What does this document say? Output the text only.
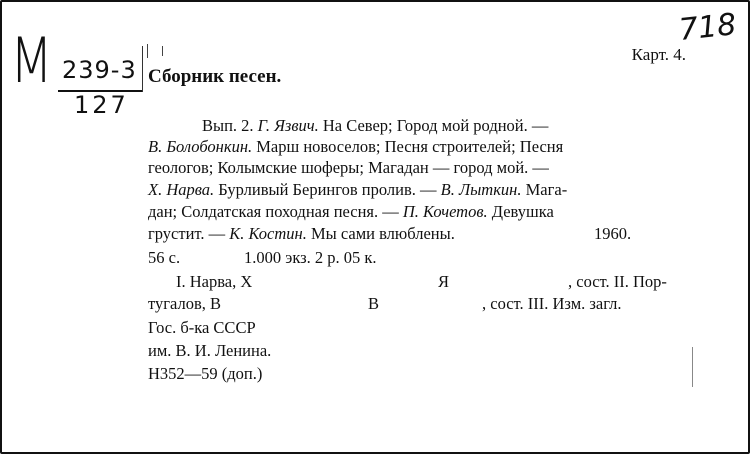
М 239-3
127
718
Карт. 4.
Сборник песен.
Вып. 2. Г. Язвич. На Север; Город мой родной. —
В. Болобонкин. Марш новоселов; Песня строителей; Песня
геологов; Колымские шоферы; Магадан — город мой. —
Х. Нарва. Бурливый Берингов пролив. — В. Лыткин. Мага-
дан; Солдатская походная песня. — П. Кочетов. Девушка
грустит. — К. Костин. Мы сами влюблены.	1960.
56 с.	1.000 экз. 2 р. 05 к.
I. Нарва, Х	Я	, сост. II. Пор-
тугалов, В	В	, сост. III. Изм. загл.
Гос. б-ка СССР
им. В. И. Ленина.
Н352—59 (доп.)
